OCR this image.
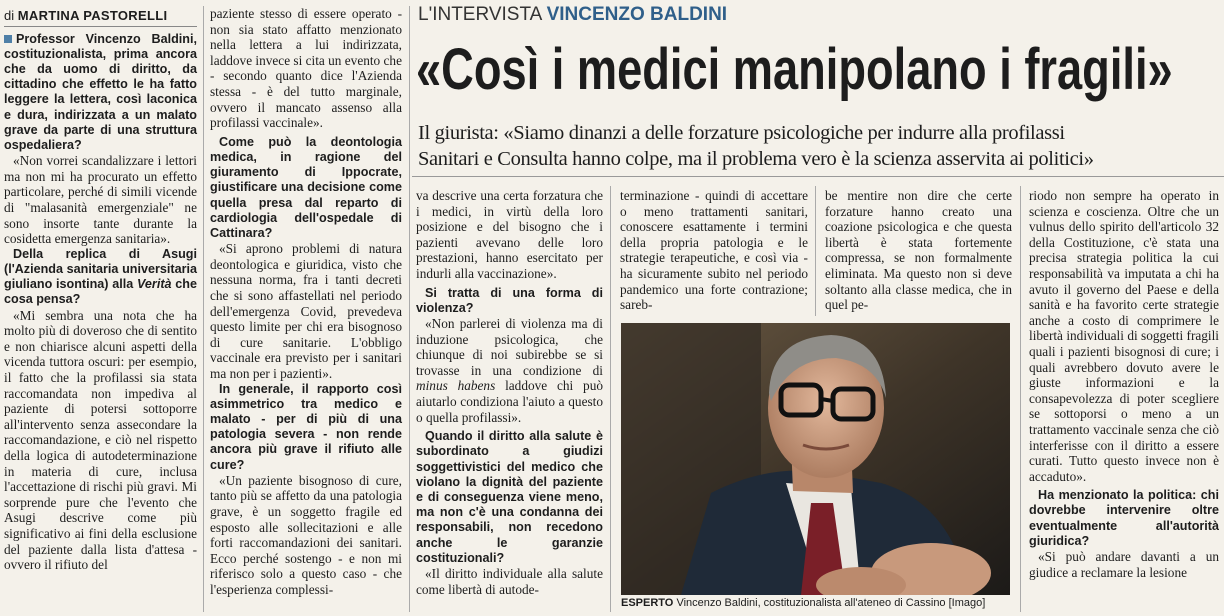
di MARTINA PASTORELLI

Professor Vincenzo Baldini, costituzionalista, prima ancora che da uomo di diritto, da cittadino che effetto le ha fatto leggere la lettera, così laconica e dura, indirizzata a un malato grave da parte di una struttura ospedaliera?

«Non vorrei scandalizzare i lettori ma non mi ha procurato un effetto particolare, perché di simili vicende di "malasanità emergenziale" ne sono insorte tante durante la cosidetta emergenza sanitaria».

Della replica di Asugi (l'Azienda sanitaria universitaria giuliano isontina) alla Verità che cosa pensa?

«Mi sembra una nota che ha molto più di doveroso che di sentito e non chiarisce alcuni aspetti della vicenda tuttora oscuri: per esempio, il fatto che la profilassi sia stata raccomandata non impediva al paziente di potersi sottoporre all'intervento senza assecondare la raccomandazione, e ciò nel rispetto della logica di autodeterminazione in materia di cure, inclusa l'accettazione di rischi più gravi. Mi sorprende pure che l'evento che Asugi descrive come più significativo ai fini della esclusione del paziente dalla lista d'attesa - ovvero il rifiuto del

paziente stesso di essere operato - non sia stato affatto menzionato nella lettera a lui indirizzata, laddove invece si cita un evento che - secondo quanto dice l'Azienda stessa - è del tutto marginale, ovvero il mancato assenso alla profilassi vaccinale».

Come può la deontologia medica, in ragione del giuramento di Ippocrate, giustificare una decisione come quella presa dal reparto di cardiologia dell'ospedale di Cattinara?

«Si aprono problemi di natura deontologica e giuridica, visto che nessuna norma, fra i tanti decreti che si sono affastellati nel periodo dell'emergenza Covid, prevedeva questo limite per chi era bisognoso di cure sanitarie. L'obbligo vaccinale era previsto per i sanitari ma non per i pazienti».

In generale, il rapporto così asimmetrico tra medico e malato - per di più di una patologia severa - non rende ancora più grave il rifiuto alle cure?

«Un paziente bisognoso di cure, tanto più se affetto da una patologia grave, è un soggetto fragile ed esposto alle sollecitazioni e alle forti raccomandazioni dei sanitari. Ecco perché sostengo - e non mi riferisco solo a questo caso - che l'esperienza complessi-

L'INTERVISTA VINCENZO BALDINI
«Così i medici manipolano i fragili»
Il giurista: «Siamo dinanzi a delle forzature psicologiche per indurre alla profilassi
Sanitari e Consulta hanno colpe, ma il problema vero è la scienza asservita ai politici»

va descrive una certa forzatura che i medici, in virtù della loro posizione e del bisogno che i pazienti avevano delle loro prestazioni, hanno esercitato per indurli alla vaccinazione».

Si tratta di una forma di violenza?

«Non parlerei di violenza ma di induzione psicologica, che chiunque di noi subirebbe se si trovasse in una condizione di minus habens laddove chi può aiutarlo condiziona l'aiuto a questo o quella profilassi».

Quando il diritto alla salute è subordinato a giudizi soggettivistici del medico che violano la dignità del paziente e di conseguenza viene meno, ma non c'è una condanna dei responsabili, non recedono anche le garanzie costituzionali?

«Il diritto individuale alla salute come libertà di autode-

terminazione - quindi di accettare o meno trattamenti sanitari, conoscere esattamente i termini della propria patologia e le strategie terapeutiche, e così via - ha sicuramente subito nel periodo pandemico una forte contrazione; sareb-

be mentire non dire che certe forzature hanno creato una coazione psicologica e che questa libertà è stata fortemente compressa, se non formalmente eliminata. Ma questo non si deve soltanto alla classe medica, che in quel pe-

riodo non sempre ha operato in scienza e coscienza. Oltre che un vulnus dello spirito dell'articolo 32 della Costituzione, c'è stata una precisa strategia politica la cui responsabilità va imputata a chi ha avuto il governo del Paese e della sanità e ha favorito certe strategie anche a costo di comprimere le libertà individuali di soggetti fragili quali i pazienti bisognosi di cure; i quali avrebbero dovuto avere le giuste informazioni e la consapevolezza di poter scegliere se sottoporsi o meno a un trattamento vaccinale senza che ciò interferisse con il diritto a essere curati. Tutto questo invece non è accaduto».

Ha menzionato la politica: chi dovrebbe intervenire oltre eventualmente all'autorità giuridica?

«Si può andare davanti a un giudice a reclamare la lesione

ESPERTO Vincenzo Baldini, costituzionalista all'ateneo di Cassino [Imago]
